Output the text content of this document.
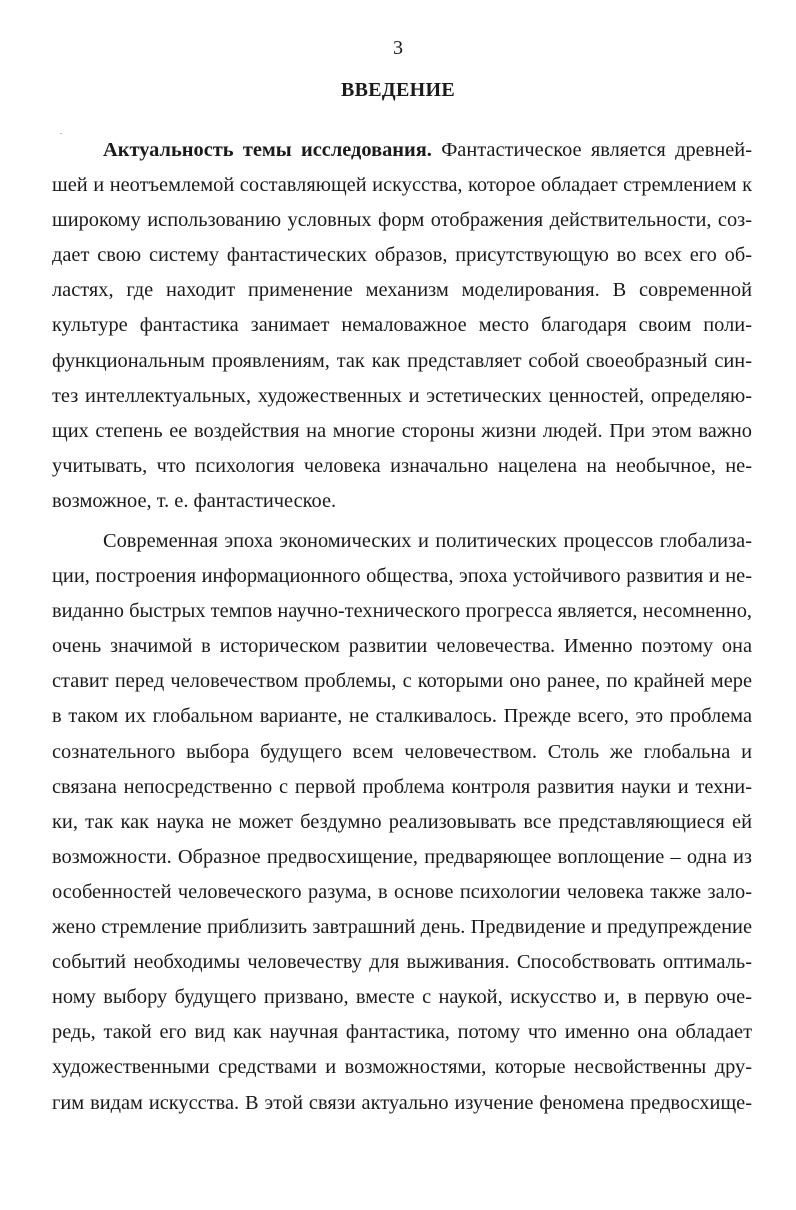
3
ВВЕДЕНИЕ
Актуальность темы исследования. Фантастическое является древней-
шей и неотъемлемой составляющей искусства, которое обладает стремлением к
широкому использованию условных форм отображения действительности, соз-
дает свою систему фантастических образов, присутствующую во всех его об-
ластях, где находит применение механизм моделирования. В современной
культуре фантастика занимает немаловажное место благодаря своим поли-
функциональным проявлениям, так как представляет собой своеобразный син-
тез интеллектуальных, художественных и эстетических ценностей, определяю-
щих степень ее воздействия на многие стороны жизни людей. При этом важно
учитывать, что психология человека изначально нацелена на необычное, не-
возможное, т. е. фантастическое.
Современная эпоха экономических и политических процессов глобализа-
ции, построения информационного общества, эпоха устойчивого развития и не-
виданно быстрых темпов научно-технического прогресса является, несомненно,
очень значимой в историческом развитии человечества. Именно поэтому она
ставит перед человечеством проблемы, с которыми оно ранее, по крайней мере
в таком их глобальном варианте, не сталкивалось. Прежде всего, это проблема
сознательного выбора будущего всем человечеством. Столь же глобальна и
связана непосредственно с первой проблема контроля развития науки и техни-
ки, так как наука не может бездумно реализовывать все представляющиеся ей
возможности. Образное предвосхищение, предваряющее воплощение – одна из
особенностей человеческого разума, в основе психологии человека также зало-
жено стремление приблизить завтрашний день. Предвидение и предупреждение
событий необходимы человечеству для выживания. Способствовать оптималь-
ному выбору будущего призвано, вместе с наукой, искусство и, в первую оче-
редь, такой его вид как научная фантастика, потому что именно она обладает
художественными средствами и возможностями, которые несвойственны дру-
гим видам искусства. В этой связи актуально изучение феномена предвосхище-
